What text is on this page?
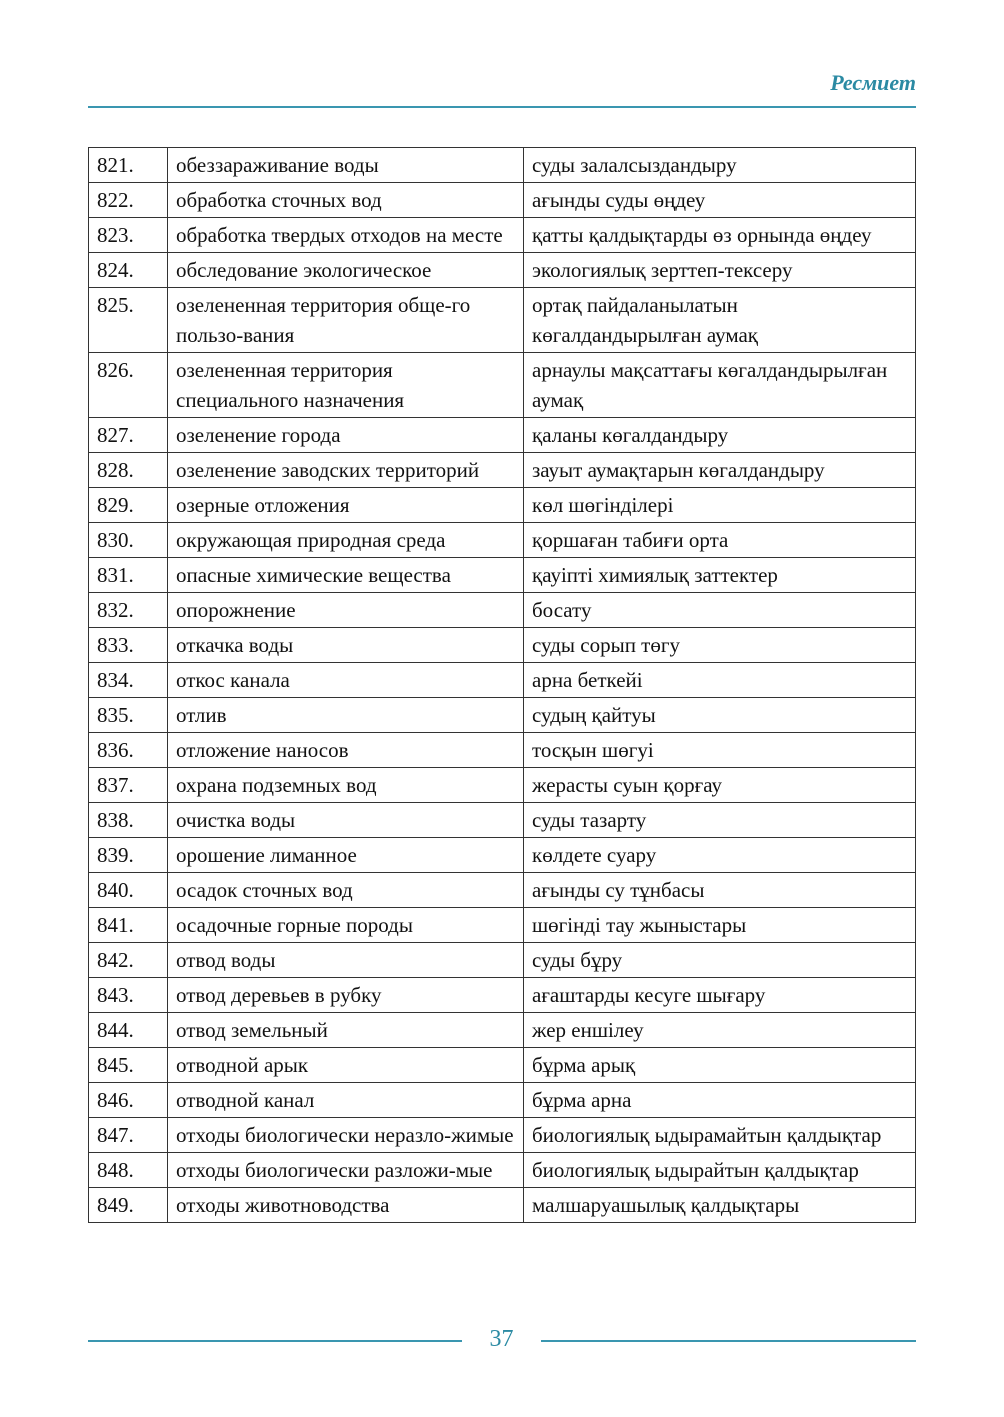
Ресмиет
821.	обеззараживание воды	суды залалсыздандыру
822.	обработка сточных вод	ағынды суды өңдеу
823.	обработка твердых отходов на месте	қатты қалдықтарды өз орнында өңдеу
824.	обследование экологическое	экологиялық зерттеп-тексеру
825.	озелененная территория обще-го пользо-вания	ортақ пайдаланылатын көгалдандырылған аумақ
826.	озелененная территория специального назначения	арнаулы мақсаттағы көгалдандырылған аумақ
827.	озеленение города	қаланы көгалдандыру
828.	озеленение заводских территорий	зауыт аумақтарын көгалдандыру
829.	озерные отложения	көл шөгінділері
830.	окружающая природная среда	қоршаған табиғи орта
831.	опасные химические вещества	қауіпті химиялық заттектер
832.	опорожнение	босату
833.	откачка воды	суды сорып төгу
834.	откос канала	арна беткейі
835.	отлив	судың қайтуы
836.	отложение наносов	тосқын шөгуі
837.	охрана подземных вод	жерасты суын қорғау
838.	очистка воды	суды тазарту
839.	орошение лиманное	көлдете суару
840.	осадок сточных вод	ағынды су тұнбасы
841.	осадочные горные породы	шөгінді тау жыныстары
842.	отвод воды	суды бұру
843.	отвод деревьев в рубку	ағаштарды кесуге шығару
844.	отвод земельный	жер еншілеу
845.	отводной арык	бұрма арық
846.	отводной канал	бұрма арна
847.	отходы биологически неразло-жимые	биологиялық ыдырамайтын қалдықтар
848.	отходы биологически разложи-мые	биологиялық ыдырайтын қалдықтар
849.	отходы животноводства	малшаруашылық қалдықтары
37
